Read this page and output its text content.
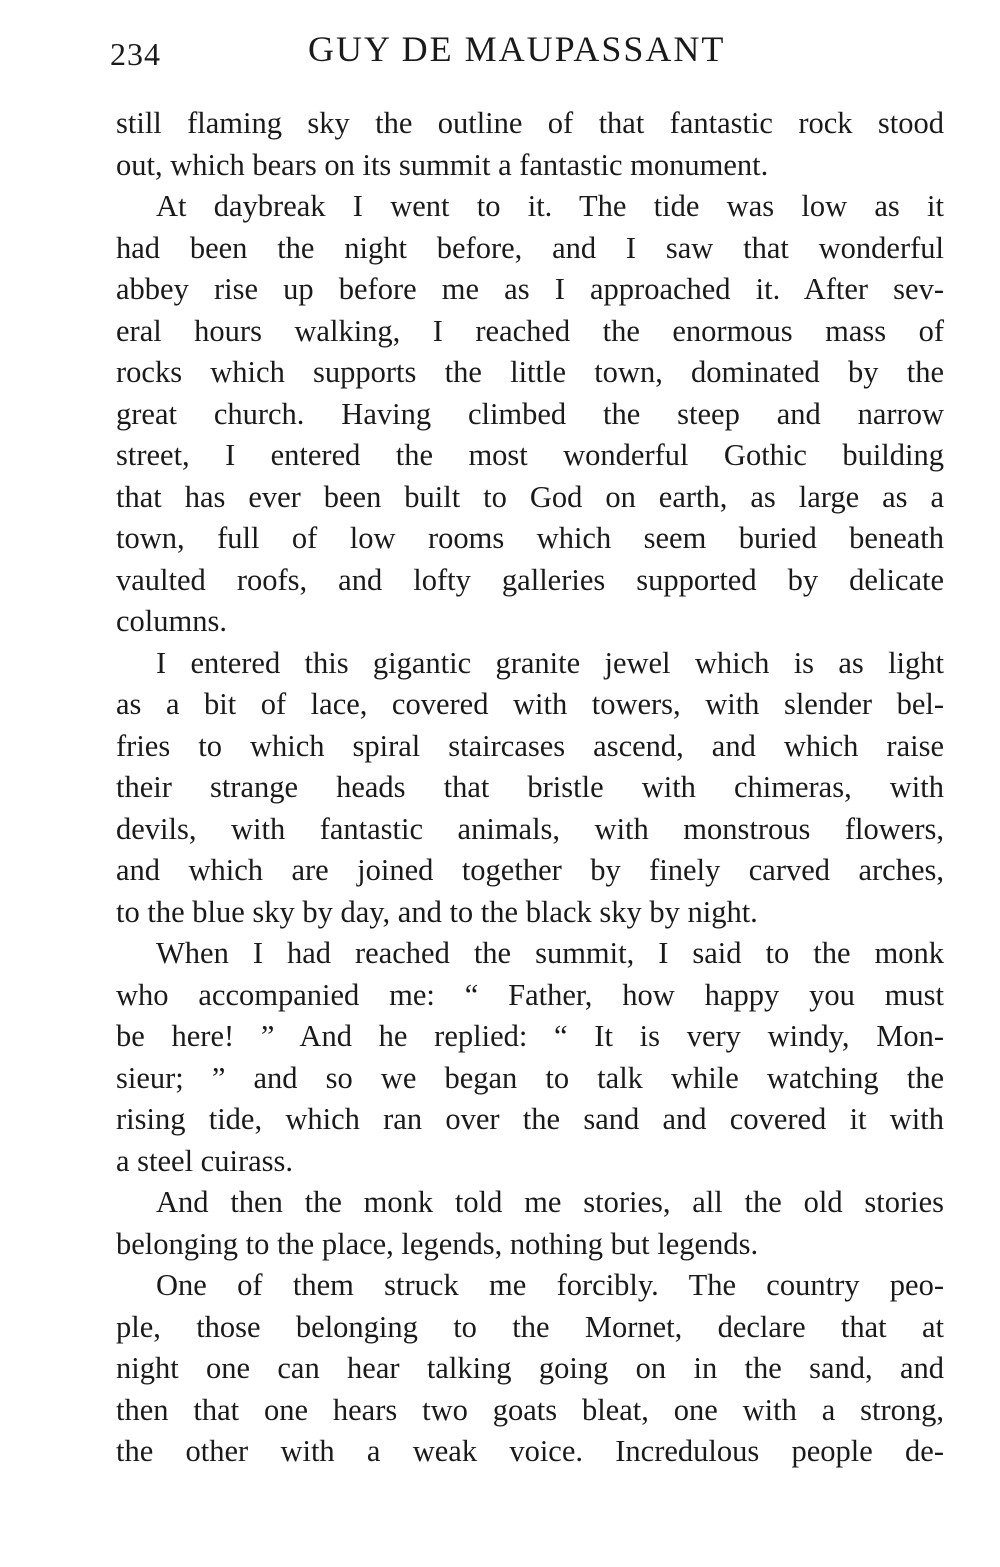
234	GUY DE MAUPASSANT
still flaming sky the outline of that fantastic rock stood
out, which bears on its summit a fantastic monument.
At daybreak I went to it. The tide was low as it
had been the night before, and I saw that wonderful
abbey rise up before me as I approached it. After sev-
eral hours walking, I reached the enormous mass of
rocks which supports the little town, dominated by the
great church. Having climbed the steep and narrow
street, I entered the most wonderful Gothic building
that has ever been built to God on earth, as large as a
town, full of low rooms which seem buried beneath
vaulted roofs, and lofty galleries supported by delicate
columns.
I entered this gigantic granite jewel which is as light
as a bit of lace, covered with towers, with slender bel-
fries to which spiral staircases ascend, and which raise
their strange heads that bristle with chimeras, with
devils, with fantastic animals, with monstrous flowers,
and which are joined together by finely carved arches,
to the blue sky by day, and to the black sky by night.
When I had reached the summit, I said to the monk
who accompanied me: “ Father, how happy you must
be here! ” And he replied: “ It is very windy, Mon-
sieur; ” and so we began to talk while watching the
rising tide, which ran over the sand and covered it with
a steel cuirass.
And then the monk told me stories, all the old stories
belonging to the place, legends, nothing but legends.
One of them struck me forcibly. The country peo-
ple, those belonging to the Mornet, declare that at
night one can hear talking going on in the sand, and
then that one hears two goats bleat, one with a strong,
the other with a weak voice. Incredulous people de-
